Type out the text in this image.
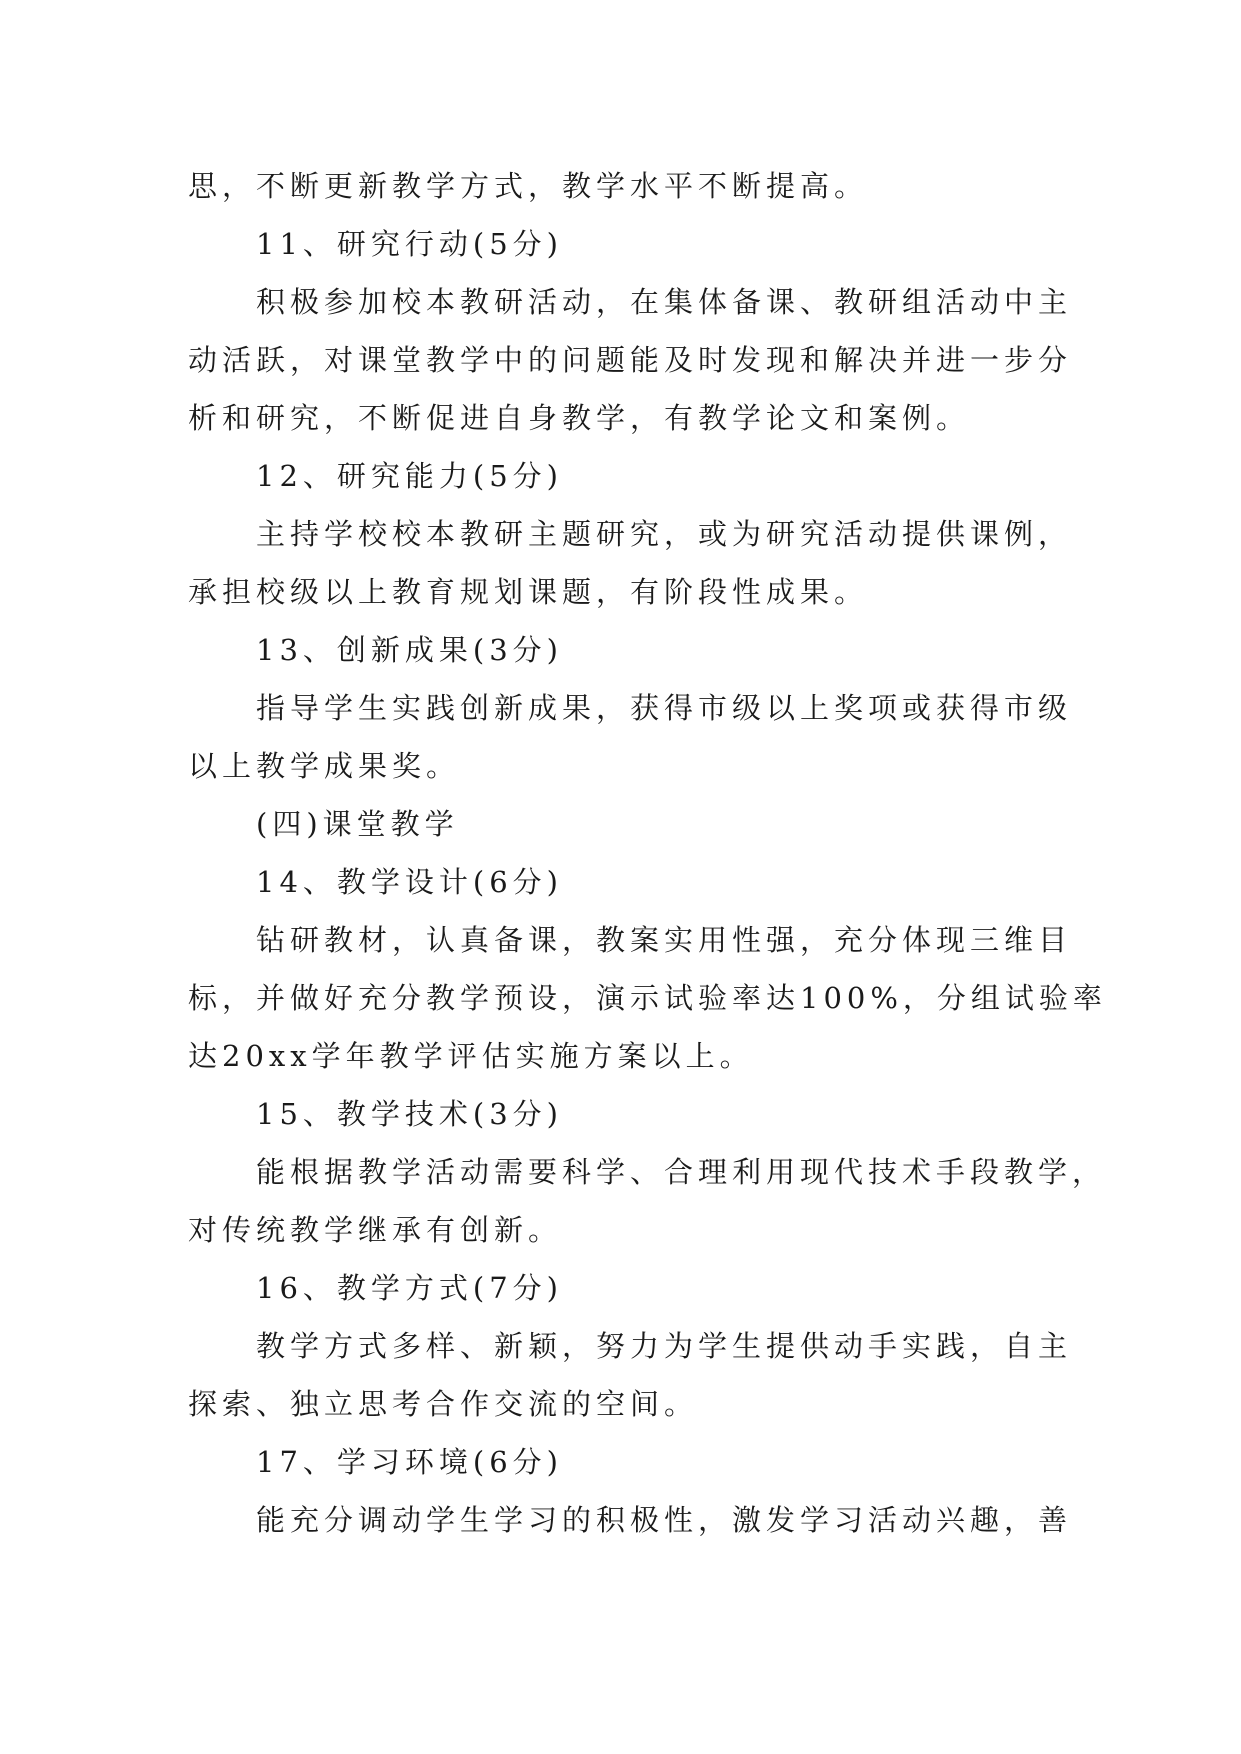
思，不断更新教学方式，教学水平不断提高。
11、研究行动(5分)
积极参加校本教研活动，在集体备课、教研组活动中主
动活跃，对课堂教学中的问题能及时发现和解决并进一步分
析和研究，不断促进自身教学，有教学论文和案例。
12、研究能力(5分)
主持学校校本教研主题研究，或为研究活动提供课例，
承担校级以上教育规划课题，有阶段性成果。
13、创新成果(3分)
指导学生实践创新成果，获得市级以上奖项或获得市级
以上教学成果奖。
(四)课堂教学
14、教学设计(6分)
钻研教材，认真备课，教案实用性强，充分体现三维目
标，并做好充分教学预设，演示试验率达100%，分组试验率
达20xx学年教学评估实施方案以上。
15、教学技术(3分)
能根据教学活动需要科学、合理利用现代技术手段教学，
对传统教学继承有创新。
16、教学方式(7分)
教学方式多样、新颖，努力为学生提供动手实践，自主
探索、独立思考合作交流的空间。
17、学习环境(6分)
能充分调动学生学习的积极性，激发学习活动兴趣，善
